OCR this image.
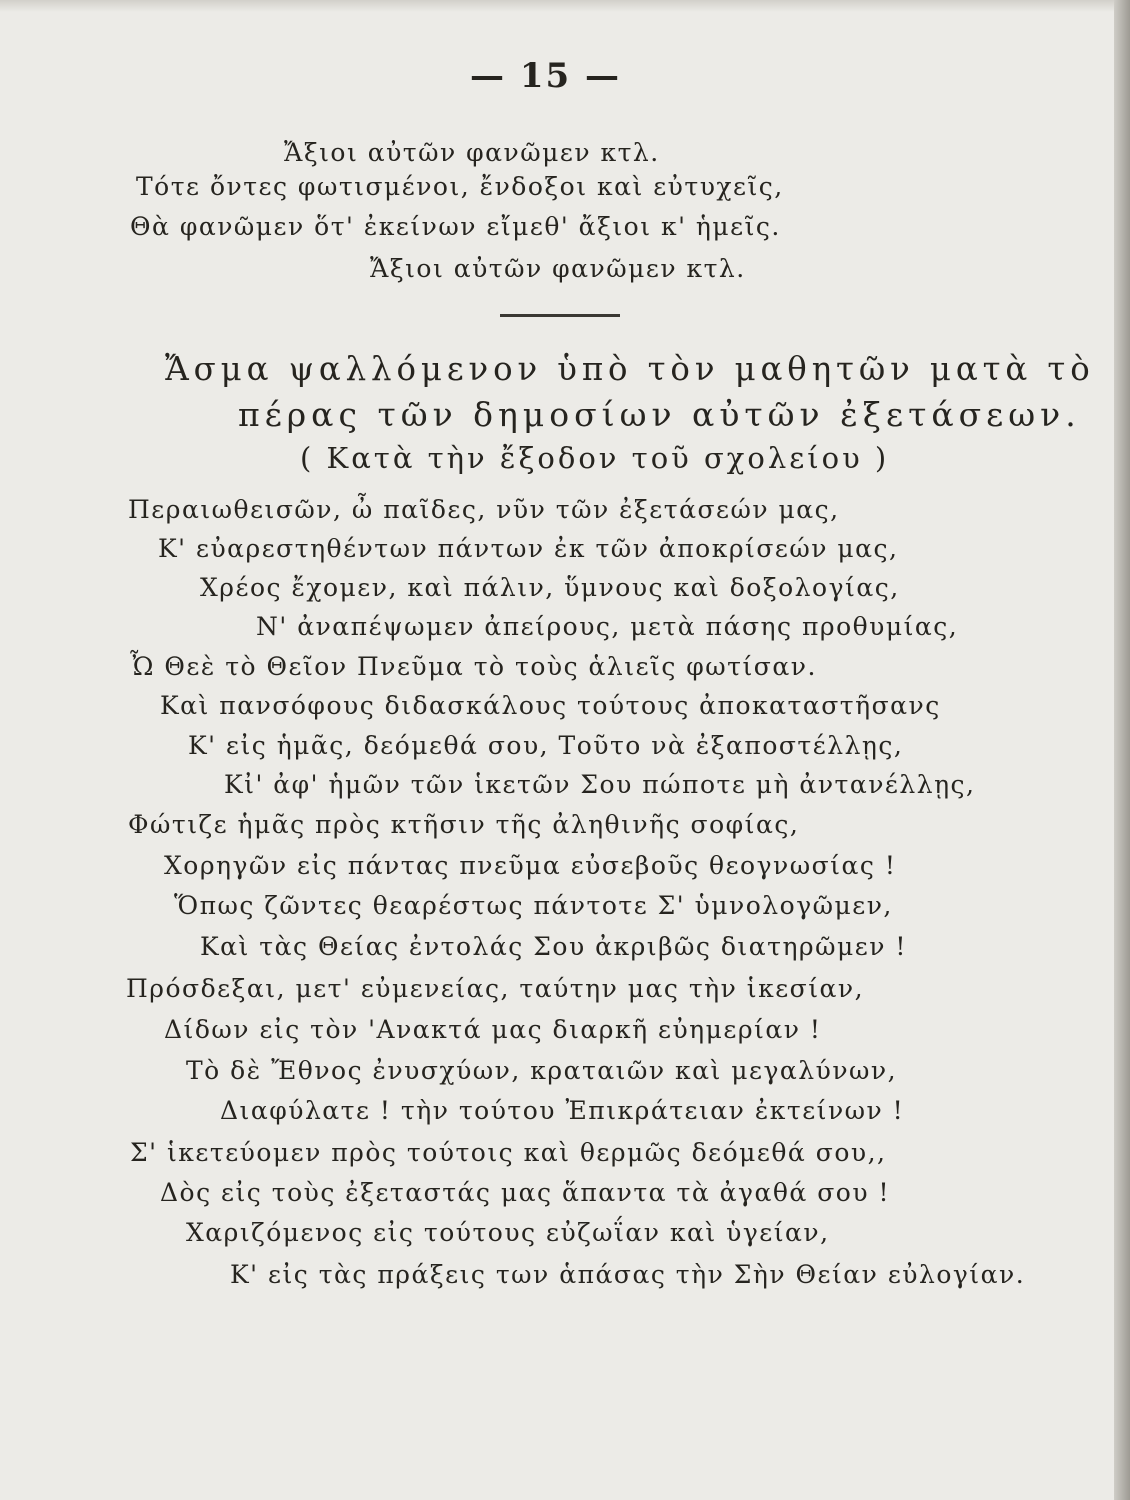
— 15 —
Ἄξιοι αὐτῶν φανῶμεν κτλ.
Τότε ὄντες φωτισμένοι, ἔνδοξοι καὶ εὐτυχεῖς,
Θὰ φανῶμεν ὅτ' ἐκείνων εἴμεθ' ἄξιοι κ' ἡμεῖς.
Ἄξιοι αὐτῶν φανῶμεν κτλ.
Ἄσμα ψαλλόμενον ὑπὸ τὸν μαθητῶν ματὰ τὸ
πέρας τῶν δημοσίων αὐτῶν ἐξετάσεων.
( Κατὰ τὴν ἔξοδον τοῦ σχολείου )
Περαιωθεισῶν, ὦ παῖδες, νῦν τῶν ἐξετάσεών μας,
Κ' εὐαρεστηθέντων πάντων ἐκ τῶν ἀποκρίσεών μας,
Χρέος ἔχομεν, καὶ πάλιν, ὕμνους καὶ δοξολογίας,
Ν' ἀναπέψωμεν ἀπείρους, μετὰ πάσης προθυμίας,
Ὦ Θεὲ τὸ Θεῖον Πνεῦμα τὸ τοὺς ἁλιεῖς φωτίσαν.
Καὶ πανσόφους διδασκάλους τούτους ἀποκαταστῆσανς
Κ' εἰς ἡμᾶς, δεόμεθά σου, Τοῦτο νὰ ἐξαποστέλλῃς,
Κἰ' ἀφ' ἡμῶν τῶν ἱκετῶν Σου πώποτε μὴ ἀντανέλλῃς,
Φώτιζε ἡμᾶς πρὸς κτῆσιν τῆς ἀληθινῆς σοφίας,
Χορηγῶν εἰς πάντας πνεῦμα εὐσεβοῦς θεογνωσίας !
Ὅπως ζῶντες θεαρέστως πάντοτε Σ' ὑμνολογῶμεν,
Καὶ τὰς Θείας ἐντολάς Σου ἀκριβῶς διατηρῶμεν !
Πρόσδεξαι, μετ' εὐμενείας, ταύτην μας τὴν ἱκεσίαν,
Δίδων εἰς τὸν 'Ανακτά μας διαρκῆ εὐημερίαν !
Τὸ δὲ Ἔθνος ἐνυσχύων, κραταιῶν καὶ μεγαλύνων,
Διαφύλατε ! τὴν τούτου Ἐπικράτειαν ἐκτείνων !
Σ' ἱκετεύομεν πρὸς τούτοις καὶ θερμῶς δεόμεθά σου,,
Δὸς εἰς τοὺς ἐξεταστάς μας ἅπαντα τὰ ἀγαθά σου !
Χαριζόμενος εἰς τούτους εὐζωΐαν καὶ ὑγείαν,
Κ' εἰς τὰς πράξεις των ἁπάσας τὴν Σὴν Θείαν εὐλογίαν.
